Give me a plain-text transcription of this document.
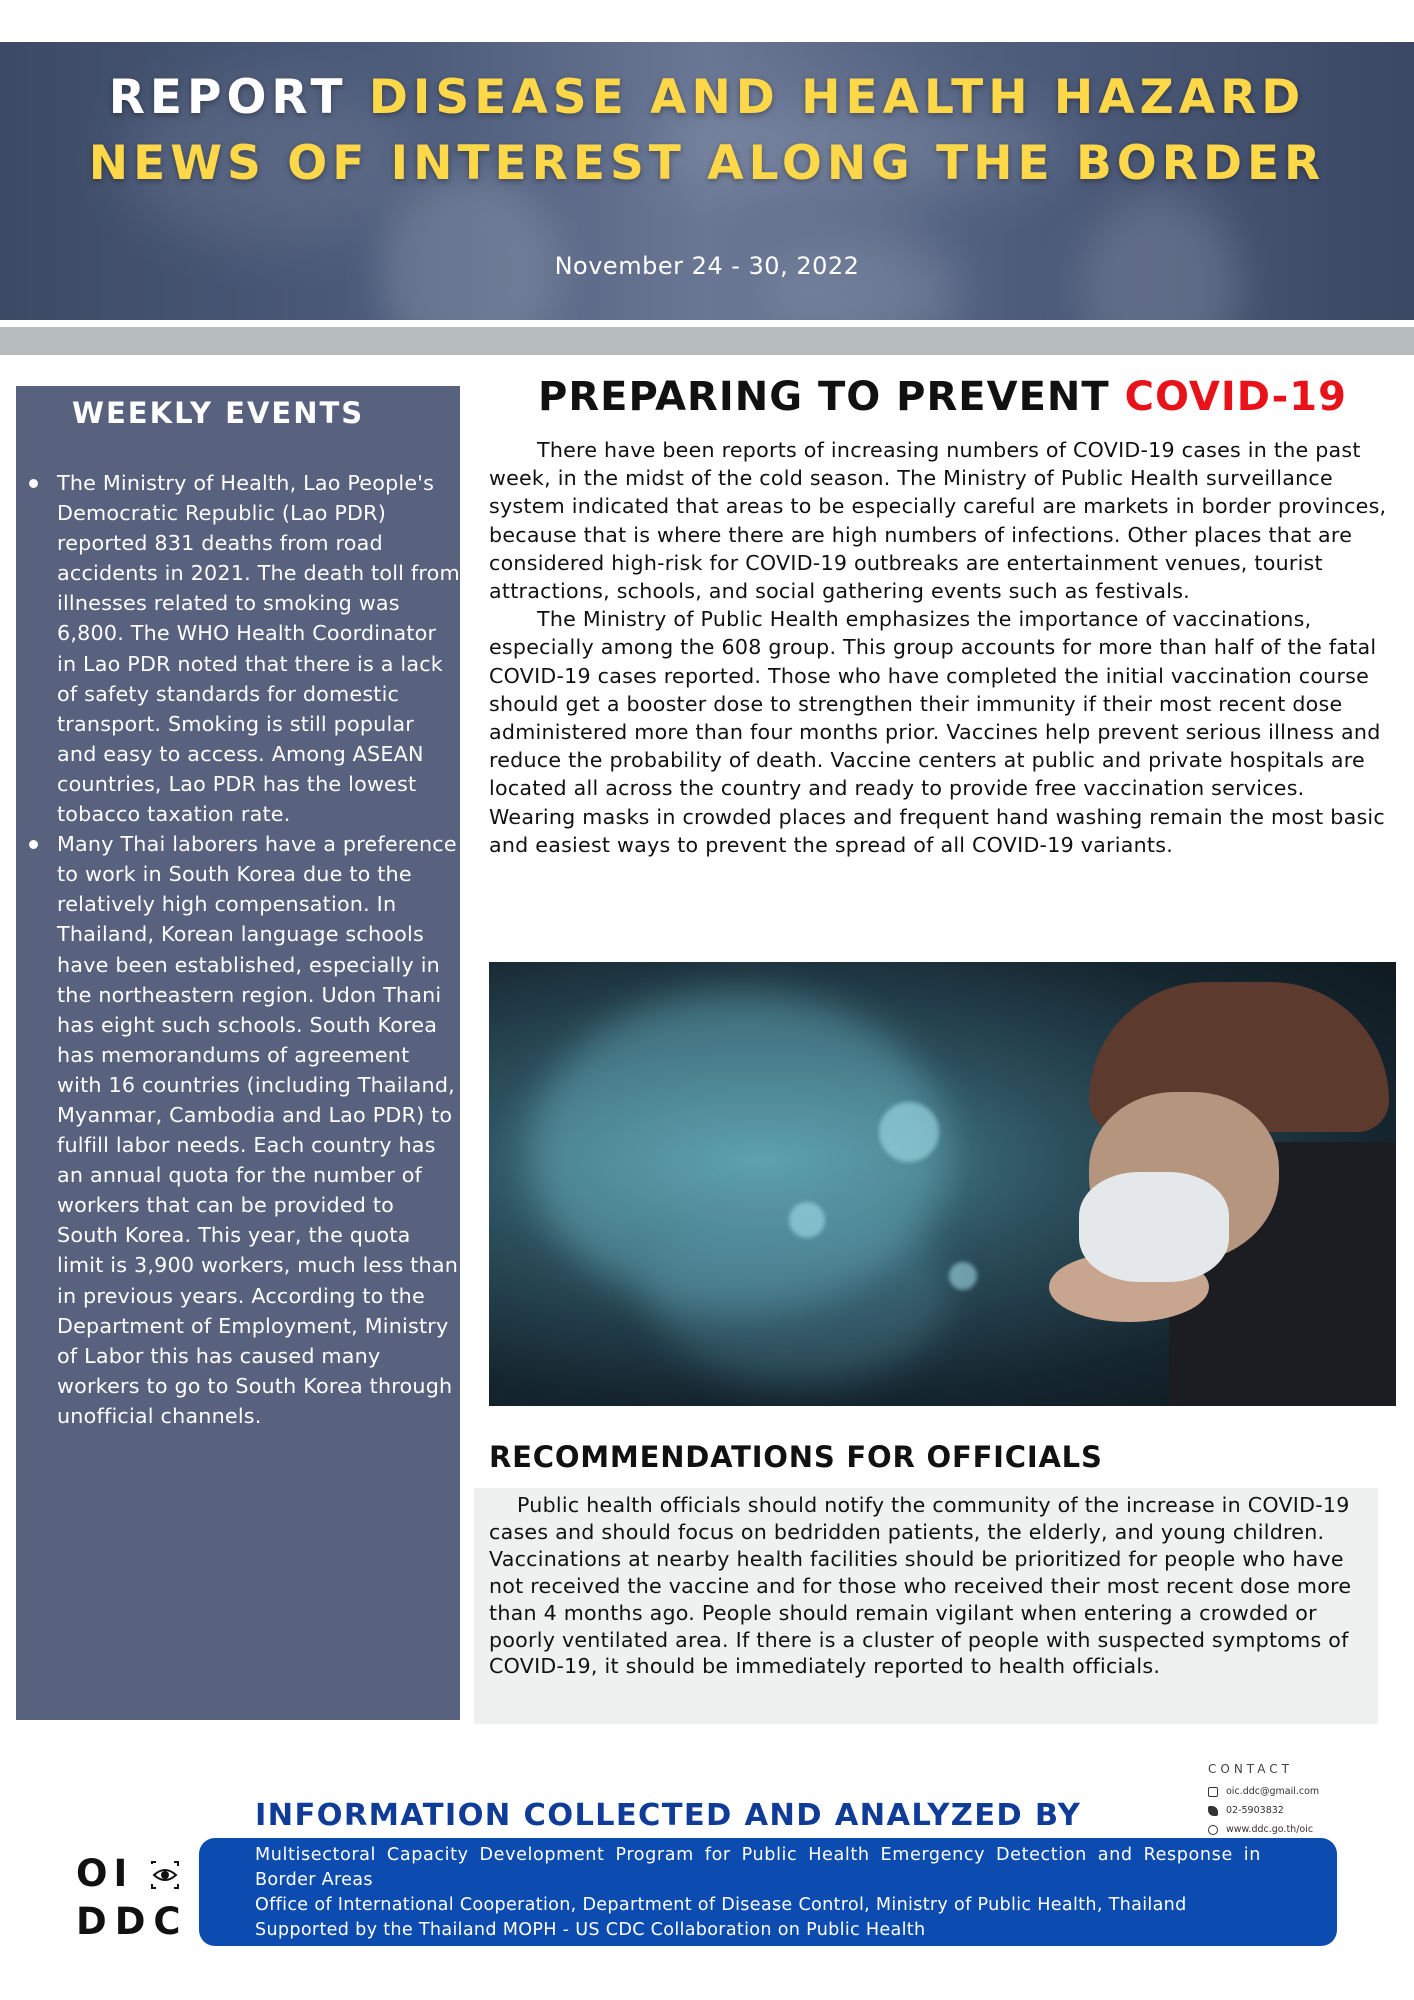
REPORT DISEASE AND HEALTH HAZARD
NEWS OF INTEREST ALONG THE BORDER

November 24 - 30, 2022

WEEKLY EVENTS
The Ministry of Health, Lao People's Democratic Republic (Lao PDR) reported 831 deaths from road accidents in 2021. The death toll from illnesses related to smoking was 6,800. The WHO Health Coordinator in Lao PDR noted that there is a lack of safety standards for domestic transport. Smoking is still popular and easy to access. Among ASEAN countries, Lao PDR has the lowest tobacco taxation rate.
Many Thai laborers have a preference to work in South Korea due to the relatively high compensation. In Thailand, Korean language schools have been established, especially in the northeastern region. Udon Thani has eight such schools. South Korea has memorandums of agreement with 16 countries (including Thailand, Myanmar, Cambodia and Lao PDR) to fulfill labor needs. Each country has an annual quota for the number of workers that can be provided to South Korea. This year, the quota limit is 3,900 workers, much less than in previous years. According to the Department of Employment, Ministry of Labor this has caused many workers to go to South Korea through unofficial channels.
PREPARING TO PREVENT COVID-19

There have been reports of increasing numbers of COVID-19 cases in the past week, in the midst of the cold season. The Ministry of Public Health surveillance system indicated that areas to be especially careful are markets in border provinces, because that is where there are high numbers of infections. Other places that are considered high-risk for COVID-19 outbreaks are entertainment venues, tourist attractions, schools, and social gathering events such as festivals.

The Ministry of Public Health emphasizes the importance of vaccinations, especially among the 608 group. This group accounts for more than half of the fatal COVID-19 cases reported. Those who have completed the initial vaccination course should get a booster dose to strengthen their immunity if their most recent dose administered more than four months prior. Vaccines help prevent serious illness and reduce the probability of death. Vaccine centers at public and private hospitals are located all across the country and ready to provide free vaccination services. Wearing masks in crowded places and frequent hand washing remain the most basic and easiest ways to prevent the spread of all COVID-19 variants.

RECOMMENDATIONS FOR OFFICIALS

Public health officials should notify the community of the increase in COVID-19 cases and should focus on bedridden patients, the elderly, and young children. Vaccinations at nearby health facilities should be prioritized for people who have not received the vaccine and for those who received their most recent dose more than 4 months ago. People should remain vigilant when entering a crowded or poorly ventilated area. If there is a cluster of people with suspected symptoms of COVID-19, it should be immediately reported to health officials.

CONTACT
oic.ddc@gmail.com
02-5903832
www.ddc.go.th/oic
INFORMATION COLLECTED AND ANALYZED BY

Multisectoral Capacity Development Program for Public Health Emergency Detection and Response in

Border Areas

Office of International Cooperation, Department of Disease Control, Ministry of Public Health, Thailand

Supported by the Thailand MOPH - US CDC Collaboration on Public Health

OI
DDC
